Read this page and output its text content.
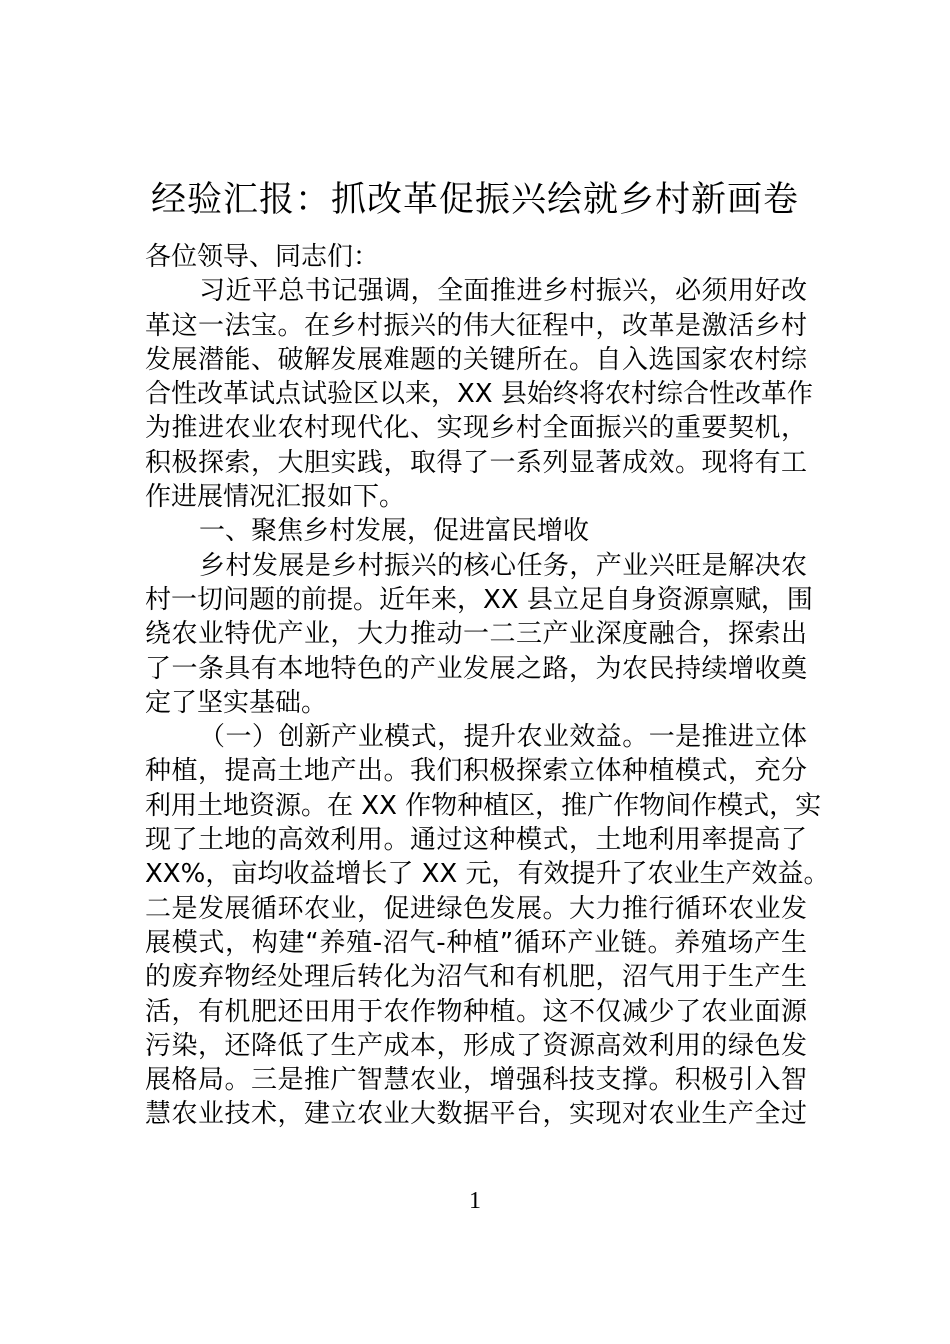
经验汇报：抓改革促振兴绘就乡村新画卷
各位领导、同志们：
习近平总书记强调，全面推进乡村振兴，必须用好改
革这一法宝。在乡村振兴的伟大征程中，改革是激活乡村
发展潜能、破解发展难题的关键所在。自入选国家农村综
合性改革试点试验区以来，XX 县始终将农村综合性改革作
为推进农业农村现代化、实现乡村全面振兴的重要契机，
积极探索，大胆实践，取得了一系列显著成效。现将有工
作进展情况汇报如下。
一、聚焦乡村发展，促进富民增收
乡村发展是乡村振兴的核心任务，产业兴旺是解决农
村一切问题的前提。近年来，XX 县立足自身资源禀赋，围
绕农业特优产业，大力推动一二三产业深度融合，探索出
了一条具有本地特色的产业发展之路，为农民持续增收奠
定了坚实基础。
（一）创新产业模式，提升农业效益。一是推进立体
种植，提高土地产出。我们积极探索立体种植模式，充分
利用土地资源。在 XX 作物种植区，推广作物间作模式，实
现了土地的高效利用。通过这种模式，土地利用率提高了
XX%，亩均收益增长了 XX 元，有效提升了农业生产效益。
二是发展循环农业，促进绿色发展。大力推行循环农业发
展模式，构建“养殖-沼气-种植”循环产业链。养殖场产生
的废弃物经处理后转化为沼气和有机肥，沼气用于生产生
活，有机肥还田用于农作物种植。这不仅减少了农业面源
污染，还降低了生产成本，形成了资源高效利用的绿色发
展格局。三是推广智慧农业，增强科技支撑。积极引入智
慧农业技术，建立农业大数据平台，实现对农业生产全过
1
